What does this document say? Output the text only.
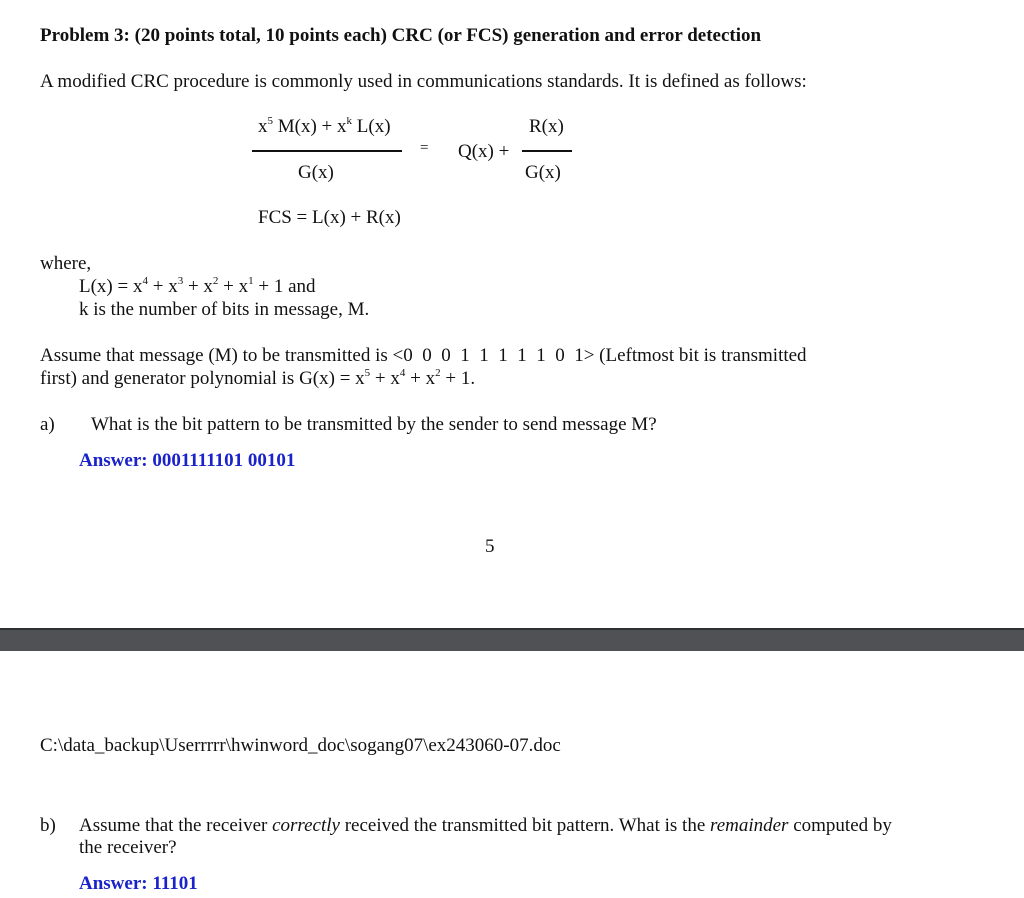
Problem 3: (20 points total, 10 points each) CRC (or FCS) generation and error detection
A modified CRC procedure is commonly used in communications standards. It is defined as follows:
$x^5$ $M(x) + x^k$ L(x)
G(x)
= Q(x) +
R(x)
G(x)
FCS = L(x) + R(x)
where,
$L(x) = x^4 + x^3 + x^2 + x^1 + 1$ and
k is the number of bits in message, M.
Assume that message (M) to be transmitted is <0  0  0  1  1  1  1  1  0  1> (Leftmost bit is transmitted
first) and generator polynomial is $G(x) = x^5 + x^4 + x^2 + 1$.
a) What is the bit pattern to be transmitted by the sender to send message M?
Answer: 0001111101 00101
5
C:\data_backup\Userrrrr\hwinword_doc\sogang07\ex243060-07.doc
b) Assume that the receiver correctly received the transmitted bit pattern. What is the remainder computed by
the receiver?
Answer: 11101
